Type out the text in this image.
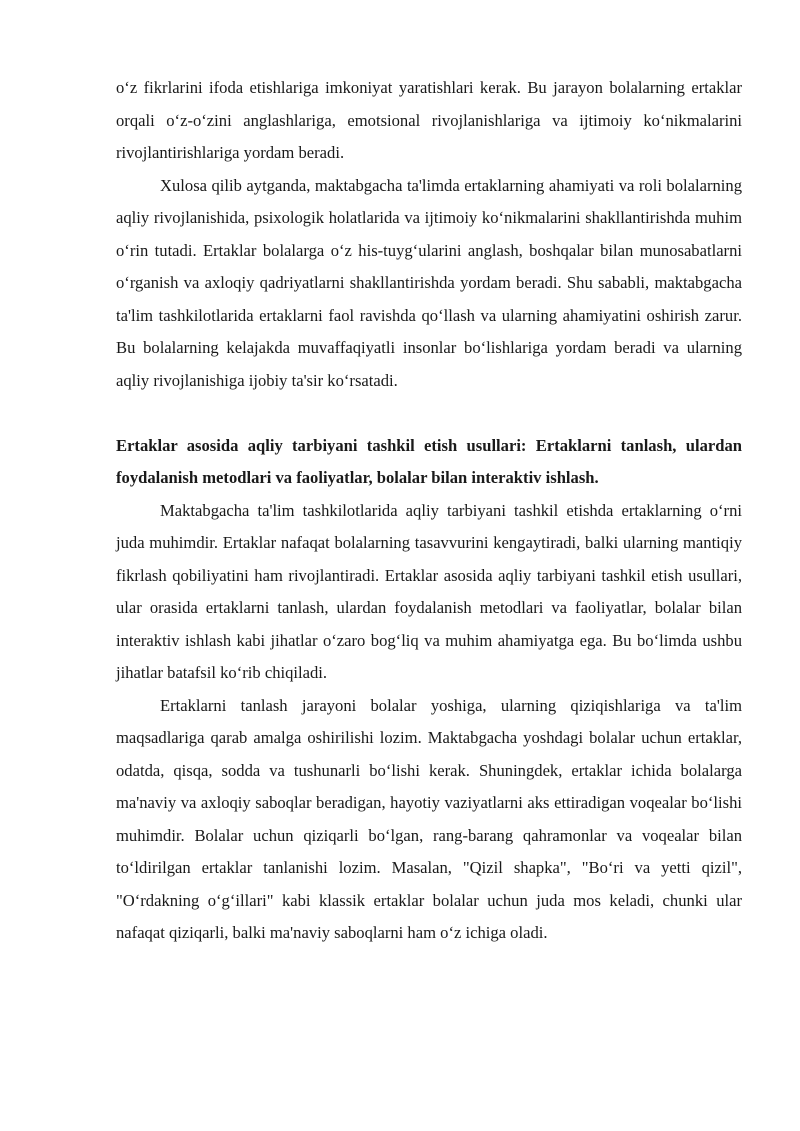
o‘z fikrlarini ifoda etishlariga imkoniyat yaratishlari kerak. Bu jarayon bolalarning ertaklar orqali o‘z-o‘zini anglashlariga, emotsional rivojlanishlariga va ijtimoiy ko‘nikmalarini rivojlantirishlariga yordam beradi.

Xulosa qilib aytganda, maktabgacha ta'limda ertaklarning ahamiyati va roli bolalarning aqliy rivojlanishida, psixologik holatlarida va ijtimoiy ko‘nikmalarini shakllantirishda muhim o‘rin tutadi. Ertaklar bolalarga o‘z his-tuyg‘ularini anglash, boshqalar bilan munosabatlarni o‘rganish va axloqiy qadriyatlarni shakllantirishda yordam beradi. Shu sababli, maktabgacha ta'lim tashkilotlarida ertaklarni faol ravishda qo‘llash va ularning ahamiyatini oshirish zarur. Bu bolalarning kelajakda muvaffaqiyatli insonlar bo‘lishlariga yordam beradi va ularning aqliy rivojlanishiga ijobiy ta'sir ko‘rsatadi.

Ertaklar asosida aqliy tarbiyani tashkil etish usullari: Ertaklarni tanlash, ulardan foydalanish metodlari va faoliyatlar, bolalar bilan interaktiv ishlash.

Maktabgacha ta'lim tashkilotlarida aqliy tarbiyani tashkil etishda ertaklarning o‘rni juda muhimdir. Ertaklar nafaqat bolalarning tasavvurini kengaytiradi, balki ularning mantiqiy fikrlash qobiliyatini ham rivojlantiradi. Ertaklar asosida aqliy tarbiyani tashkil etish usullari, ular orasida ertaklarni tanlash, ulardan foydalanish metodlari va faoliyatlar, bolalar bilan interaktiv ishlash kabi jihatlar o‘zaro bog‘liq va muhim ahamiyatga ega. Bu bo‘limda ushbu jihatlar batafsil ko‘rib chiqiladi.

Ertaklarni tanlash jarayoni bolalar yoshiga, ularning qiziqishlariga va ta'lim maqsadlariga qarab amalga oshirilishi lozim. Maktabgacha yoshdagi bolalar uchun ertaklar, odatda, qisqa, sodda va tushunarli bo‘lishi kerak. Shuningdek, ertaklar ichida bolalarga ma'naviy va axloqiy saboqlar beradigan, hayotiy vaziyatlarni aks ettiradigan voqealar bo‘lishi muhimdir. Bolalar uchun qiziqarli bo‘lgan, rang-barang qahramonlar va voqealar bilan to‘ldirilgan ertaklar tanlanishi lozim. Masalan, "Qizil shapka", "Bo‘ri va yetti qizil", "O‘rdakning o‘g‘illari" kabi klassik ertaklar bolalar uchun juda mos keladi, chunki ular nafaqat qiziqarli, balki ma'naviy saboqlarni ham o‘z ichiga oladi.
